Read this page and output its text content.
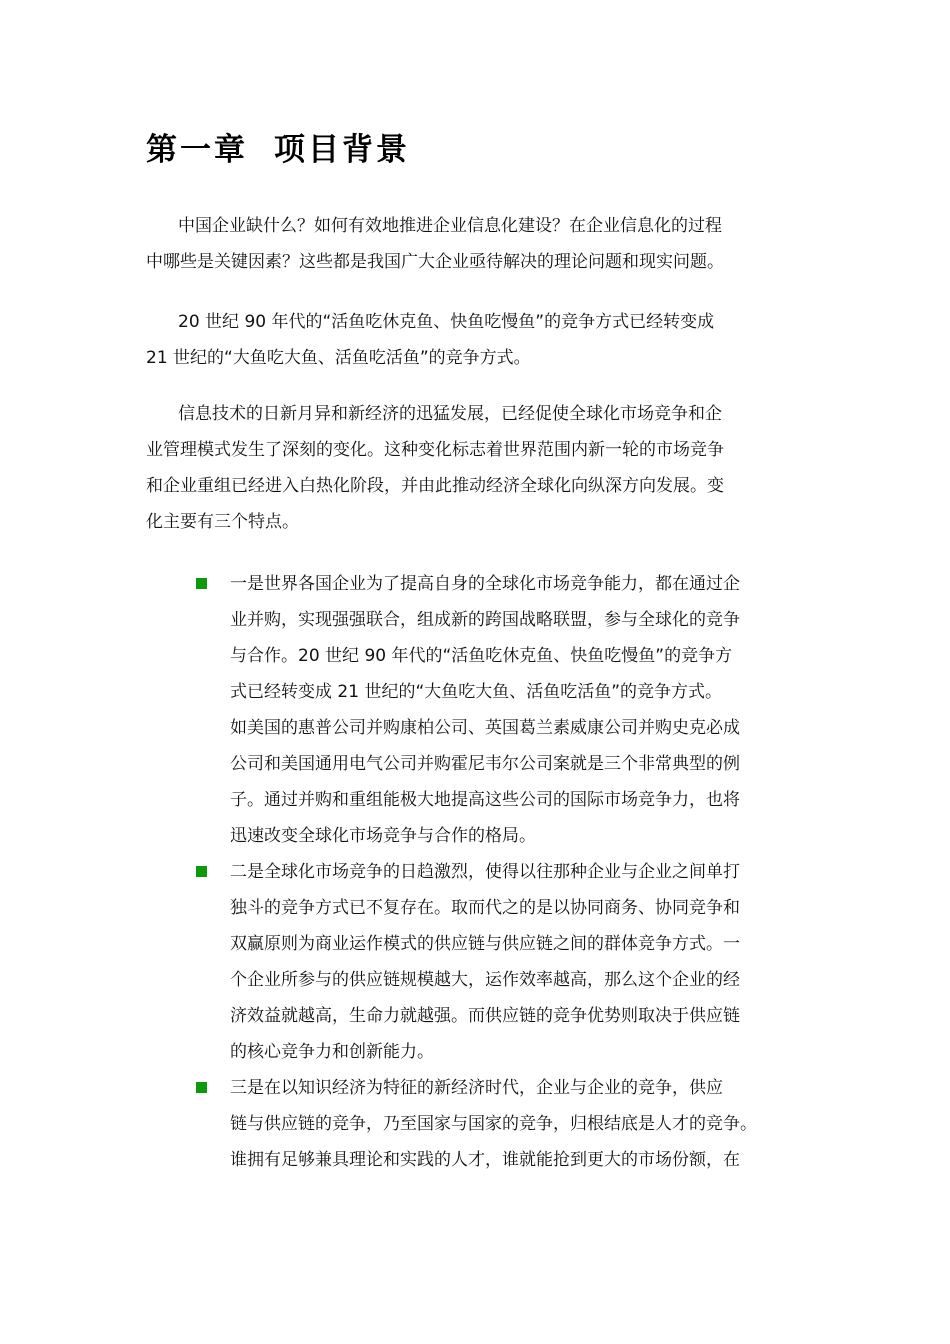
第一章 项目背景

中国企业缺什么？如何有效地推进企业信息化建设？在企业信息化的过程
中哪些是关键因素？这些都是我国广大企业亟待解决的理论问题和现实问题。

20 世纪 90 年代的“活鱼吃休克鱼、快鱼吃慢鱼”的竞争方式已经转变成
21 世纪的“大鱼吃大鱼、活鱼吃活鱼”的竞争方式。

信息技术的日新月异和新经济的迅猛发展，已经促使全球化市场竞争和企
业管理模式发生了深刻的变化。这种变化标志着世界范围内新一轮的市场竞争
和企业重组已经进入白热化阶段，并由此推动经济全球化向纵深方向发展。变
化主要有三个特点。

一是世界各国企业为了提高自身的全球化市场竞争能力，都在通过企
业并购，实现强强联合，组成新的跨国战略联盟，参与全球化的竞争
与合作。20 世纪 90 年代的“活鱼吃休克鱼、快鱼吃慢鱼”的竞争方
式已经转变成 21 世纪的“大鱼吃大鱼、活鱼吃活鱼”的竞争方式。
如美国的惠普公司并购康柏公司、英国葛兰素威康公司并购史克必成
公司和美国通用电气公司并购霍尼韦尔公司案就是三个非常典型的例
子。通过并购和重组能极大地提高这些公司的国际市场竞争力，也将
迅速改变全球化市场竞争与合作的格局。
二是全球化市场竞争的日趋激烈，使得以往那种企业与企业之间单打
独斗的竞争方式已不复存在。取而代之的是以协同商务、协同竞争和
双赢原则为商业运作模式的供应链与供应链之间的群体竞争方式。一
个企业所参与的供应链规模越大，运作效率越高，那么这个企业的经
济效益就越高，生命力就越强。而供应链的竞争优势则取决于供应链
的核心竞争力和创新能力。
三是在以知识经济为特征的新经济时代，企业与企业的竞争，供应
链与供应链的竞争，乃至国家与国家的竞争，归根结底是人才的竞争。
谁拥有足够兼具理论和实践的人才，谁就能抢到更大的市场份额，在
